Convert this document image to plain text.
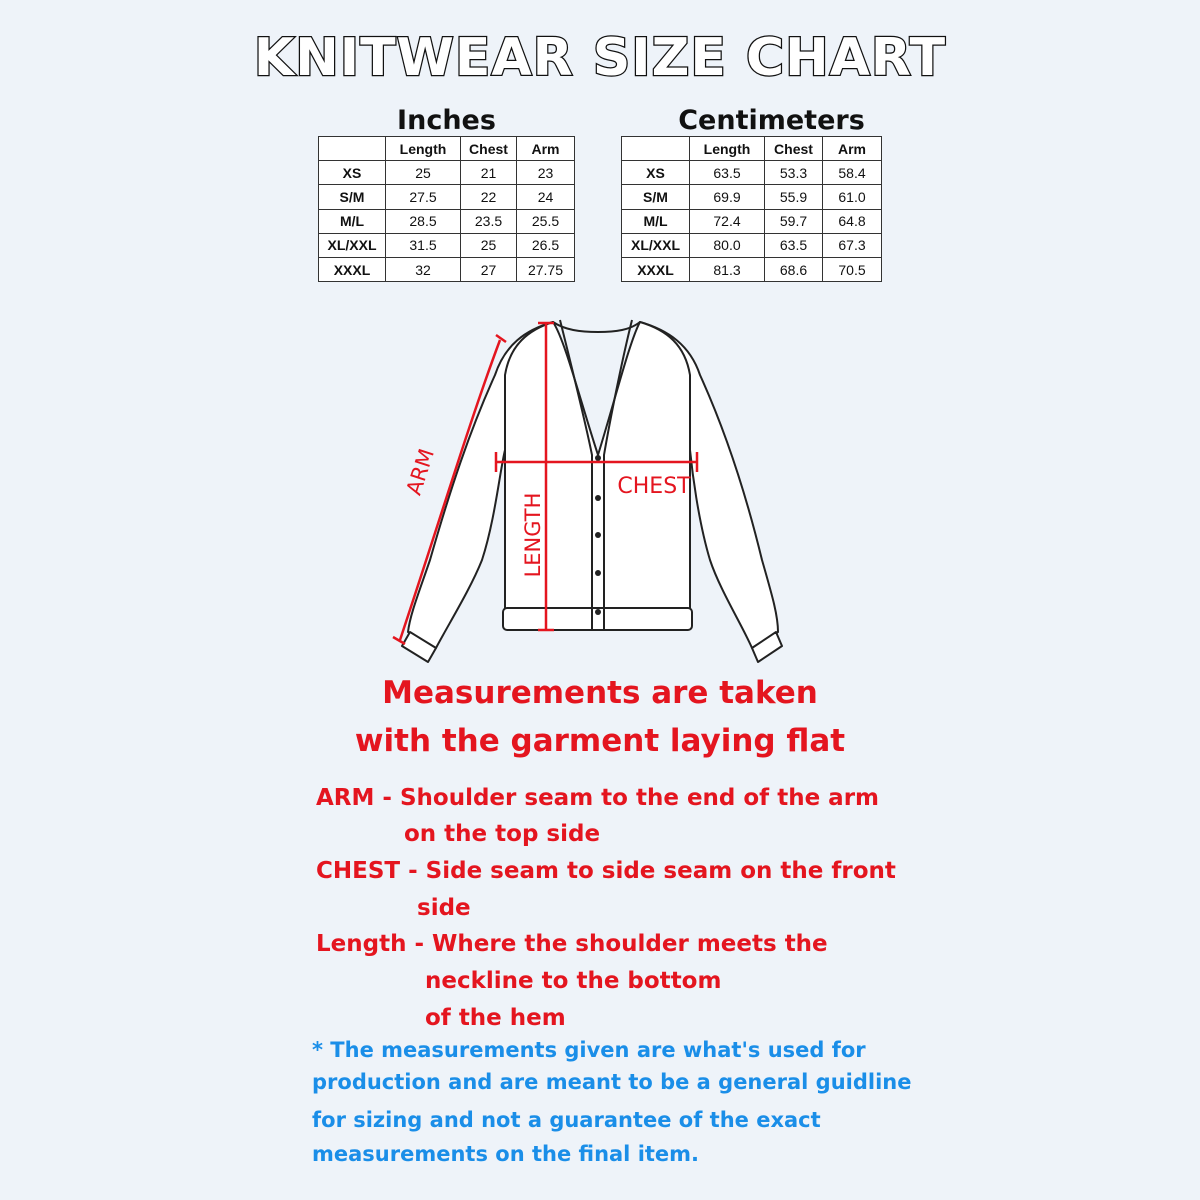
KNITWEAR SIZE CHART
Inches
	Length	Chest	Arm
XS	25	21	23
S/M	27.5	22	24
M/L	28.5	23.5	25.5
XL/XXL	31.5	25	26.5
XXXL	32	27	27.75
Centimeters
	Length	Chest	Arm
XS	63.5	53.3	58.4
S/M	69.9	55.9	61.0
M/L	72.4	59.7	64.8
XL/XXL	80.0	63.5	67.3
XXXL	81.3	68.6	70.5
ARM
LENGTH
CHEST
Measurements are taken
with the garment laying flat
ARM - Shoulder seam to the end of the arm
on the top side
CHEST - Side seam to side seam on the front
side
Length - Where the shoulder meets the
neckline to the bottom
of the hem
* The measurements given are what's used for
production and are meant to be a general guidline
for sizing and not a guarantee of the exact
measurements on the final item.
